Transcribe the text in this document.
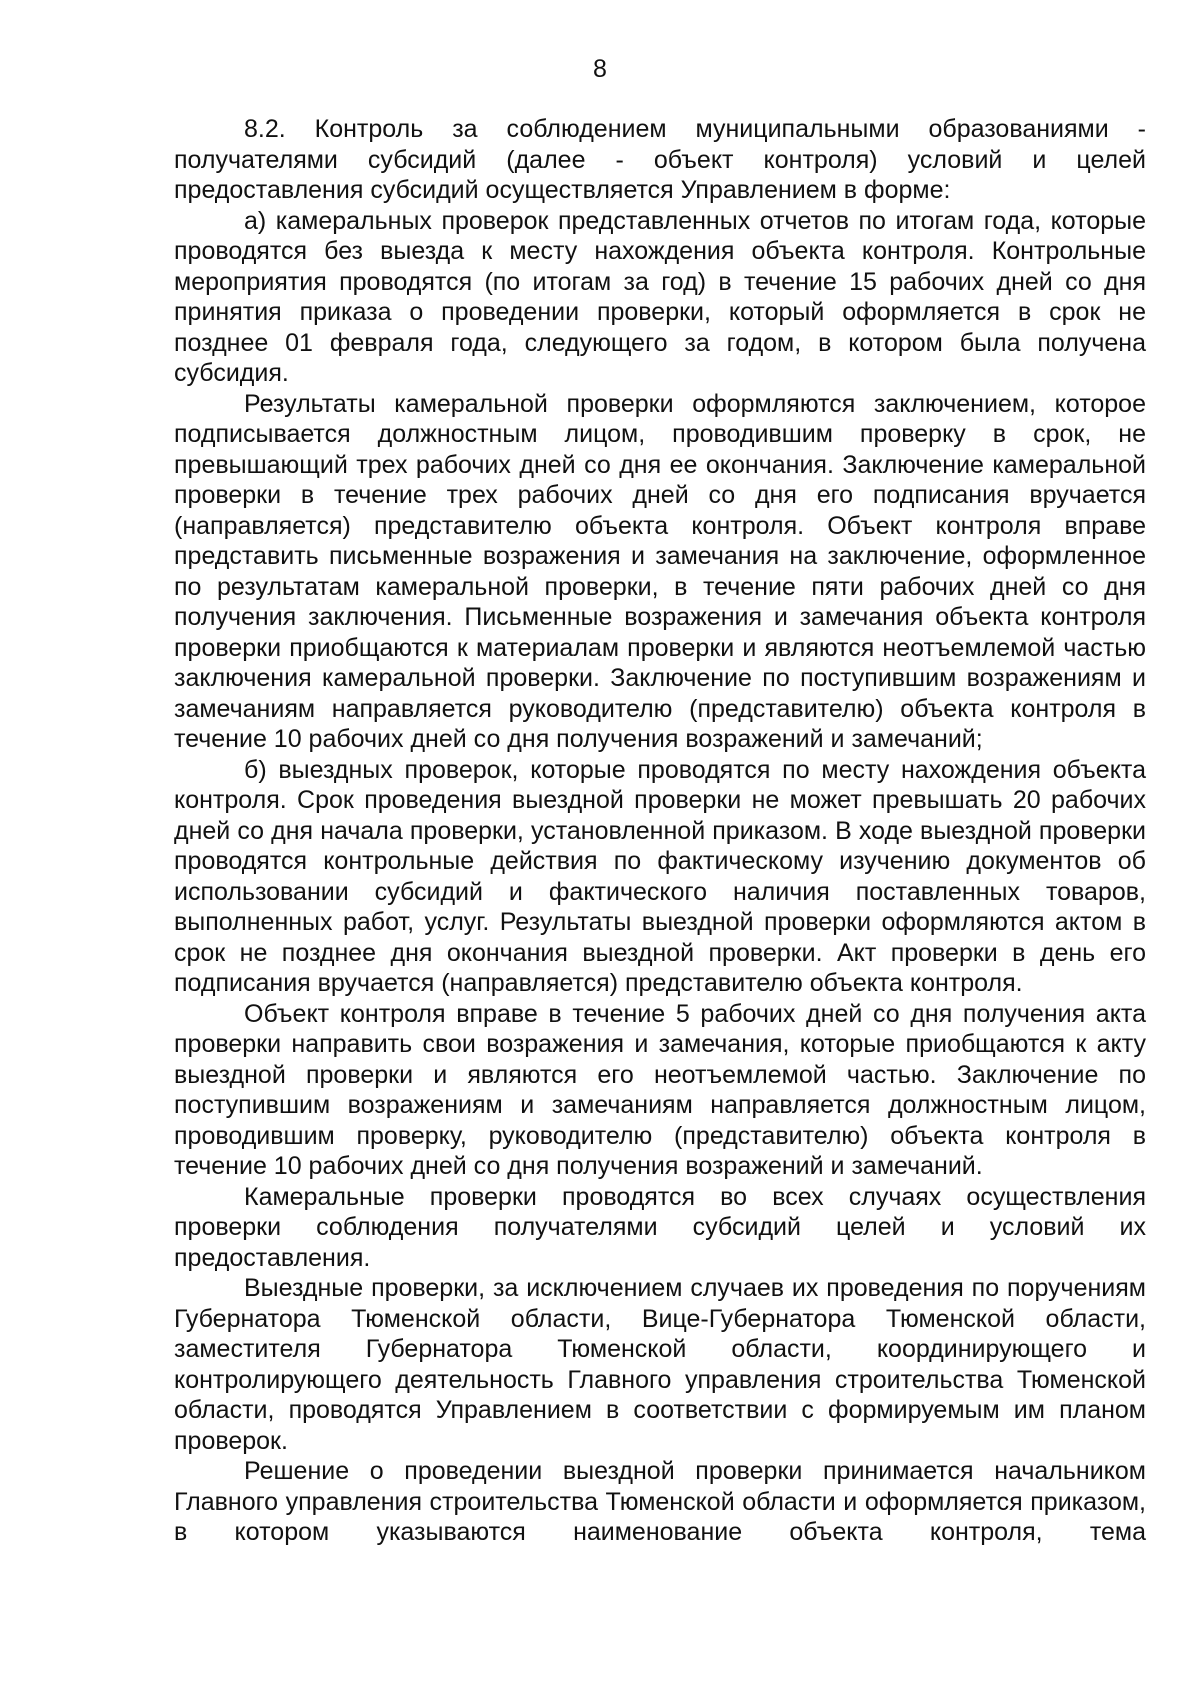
8

8.2. Контроль за соблюдением муниципальными образованиями - получателями субсидий (далее - объект контроля) условий и целей предоставления субсидий осуществляется Управлением в форме:

а) камеральных проверок представленных отчетов по итогам года, которые проводятся без выезда к месту нахождения объекта контроля. Контрольные мероприятия проводятся (по итогам за год) в течение 15 рабочих дней со дня принятия приказа о проведении проверки, который оформляется в срок не позднее 01 февраля года, следующего за годом, в котором была получена субсидия.

Результаты камеральной проверки оформляются заключением, которое подписывается должностным лицом, проводившим проверку в срок, не превышающий трех рабочих дней со дня ее окончания. Заключение камеральной проверки в течение трех рабочих дней со дня его подписания вручается (направляется) представителю объекта контроля. Объект контроля вправе представить письменные возражения и замечания на заключение, оформленное по результатам камеральной проверки, в течение пяти рабочих дней со дня получения заключения. Письменные возражения и замечания объекта контроля проверки приобщаются к материалам проверки и являются неотъемлемой частью заключения камеральной проверки. Заключение по поступившим возражениям и замечаниям направляется руководителю (представителю) объекта контроля в течение 10 рабочих дней со дня получения возражений и замечаний;

б) выездных проверок, которые проводятся по месту нахождения объекта контроля. Срок проведения выездной проверки не может превышать 20 рабочих дней со дня начала проверки, установленной приказом. В ходе выездной проверки проводятся контрольные действия по фактическому изучению документов об использовании субсидий и фактического наличия поставленных товаров, выполненных работ, услуг. Результаты выездной проверки оформляются актом в срок не позднее дня окончания выездной проверки. Акт проверки в день его подписания вручается (направляется) представителю объекта контроля.

Объект контроля вправе в течение 5 рабочих дней со дня получения акта проверки направить свои возражения и замечания, которые приобщаются к акту выездной проверки и являются его неотъемлемой частью. Заключение по поступившим возражениям и замечаниям направляется должностным лицом, проводившим проверку, руководителю (представителю) объекта контроля в течение 10 рабочих дней со дня получения возражений и замечаний.

Камеральные проверки проводятся во всех случаях осуществления проверки соблюдения получателями субсидий целей и условий их предоставления.

Выездные проверки, за исключением случаев их проведения по поручениям Губернатора Тюменской области, Вице-Губернатора Тюменской области, заместителя Губернатора Тюменской области, координирующего и контролирующего деятельность Главного управления строительства Тюменской области, проводятся Управлением в соответствии с формируемым им планом проверок.

Решение о проведении выездной проверки принимается начальником Главного управления строительства Тюменской области и оформляется приказом, в котором указываются наименование объекта контроля, тема
